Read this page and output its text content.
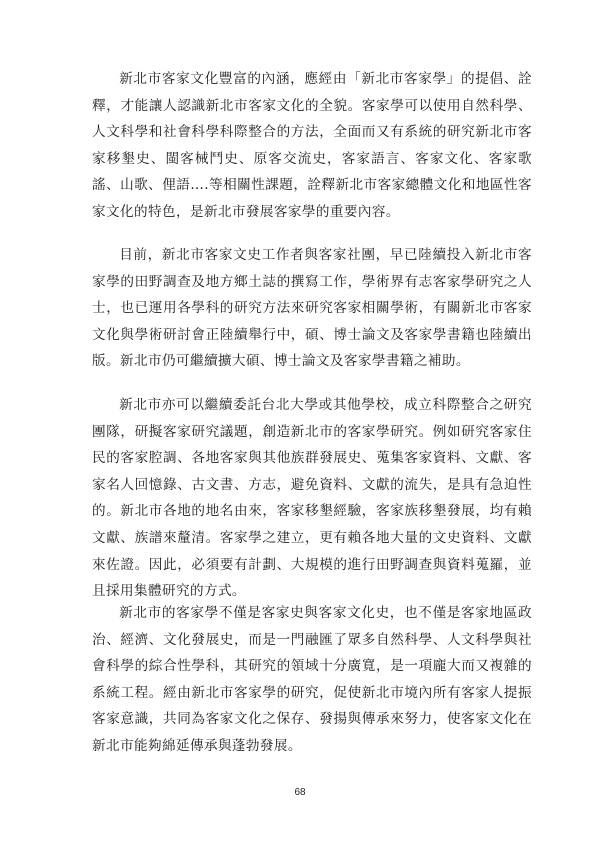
新北市客家文化豐富的內涵，應經由「新北市客家學」的提倡、詮釋，才能讓人認識新北市客家文化的全貌。客家學可以使用自然科學、人文科學和社會科學科際整合的方法，全面而又有系統的研究新北市客家移墾史、閩客械鬥史、原客交流史，客家語言、客家文化、客家歌謠、山歌、俚語….等相關性課題，詮釋新北市客家總體文化和地區性客家文化的特色，是新北市發展客家學的重要內容。

目前，新北市客家文史工作者與客家社團，早已陸續投入新北市客家學的田野調查及地方鄉土誌的撰寫工作，學術界有志客家學研究之人士，也已運用各學科的研究方法來研究客家相關學術，有關新北市客家文化與學術研討會正陸續舉行中，碩、博士論文及客家學書籍也陸續出版。新北市仍可繼續擴大碩、博士論文及客家學書籍之補助。

新北市亦可以繼續委託台北大學或其他學校，成立科際整合之研究團隊，研擬客家研究議題，創造新北市的客家學研究。例如研究客家住民的客家腔調、各地客家與其他族群發展史、蒐集客家資料、文獻、客家名人回憶錄、古文書、方志，避免資料、文獻的流失，是具有急迫性的。新北市各地的地名由來，客家移墾經驗，客家族移墾發展，均有賴文獻、族譜來釐清。客家學之建立，更有賴各地大量的文史資料、文獻來佐證。因此，必須要有計劃、大規模的進行田野調查與資料蒐羅，並且採用集體研究的方式。

新北市的客家學不僅是客家史與客家文化史，也不僅是客家地區政治、經濟、文化發展史，而是一門融匯了眾多自然科學、人文科學與社會科學的綜合性學科，其研究的領域十分廣寬，是一項龐大而又複雜的系統工程。經由新北市客家學的研究，促使新北市境內所有客家人提振客家意識，共同為客家文化之保存、發揚與傳承來努力，使客家文化在新北市能夠綿延傳承與蓬勃發展。

68
